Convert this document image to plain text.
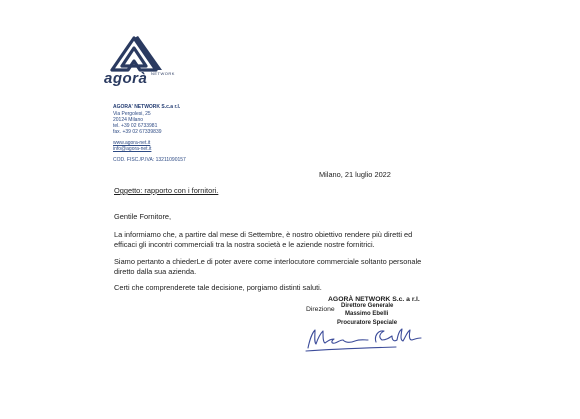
agorà NETWORK
AGORA' NETWORK S.c.a r.l.
Via Pergolesi, 25
20124 Milano
tel. +39 02 6733981
fax. +39 02 67339839
www.agora-net.it
info@agora-net.it
COD. FISC./P.IVA: 13211090157
Milano, 21 luglio 2022
Oggetto: rapporto con i fornitori.
Gentile Fornitore,
La informiamo che, a partire dal mese di Settembre, è nostro obiettivo rendere più diretti ed
efficaci gli incontri commerciali tra la nostra società e le aziende nostre fornitrici.
Siamo pertanto a chiederLe di poter avere come interlocutore commerciale soltanto personale
diretto dalla sua azienda.
Certi che comprenderete tale decisione, porgiamo distinti saluti.
AGORÀ NETWORK S.c. a r.l.
Direzione Direttore Generale
Massimo Ebelli
Procuratore Speciale
